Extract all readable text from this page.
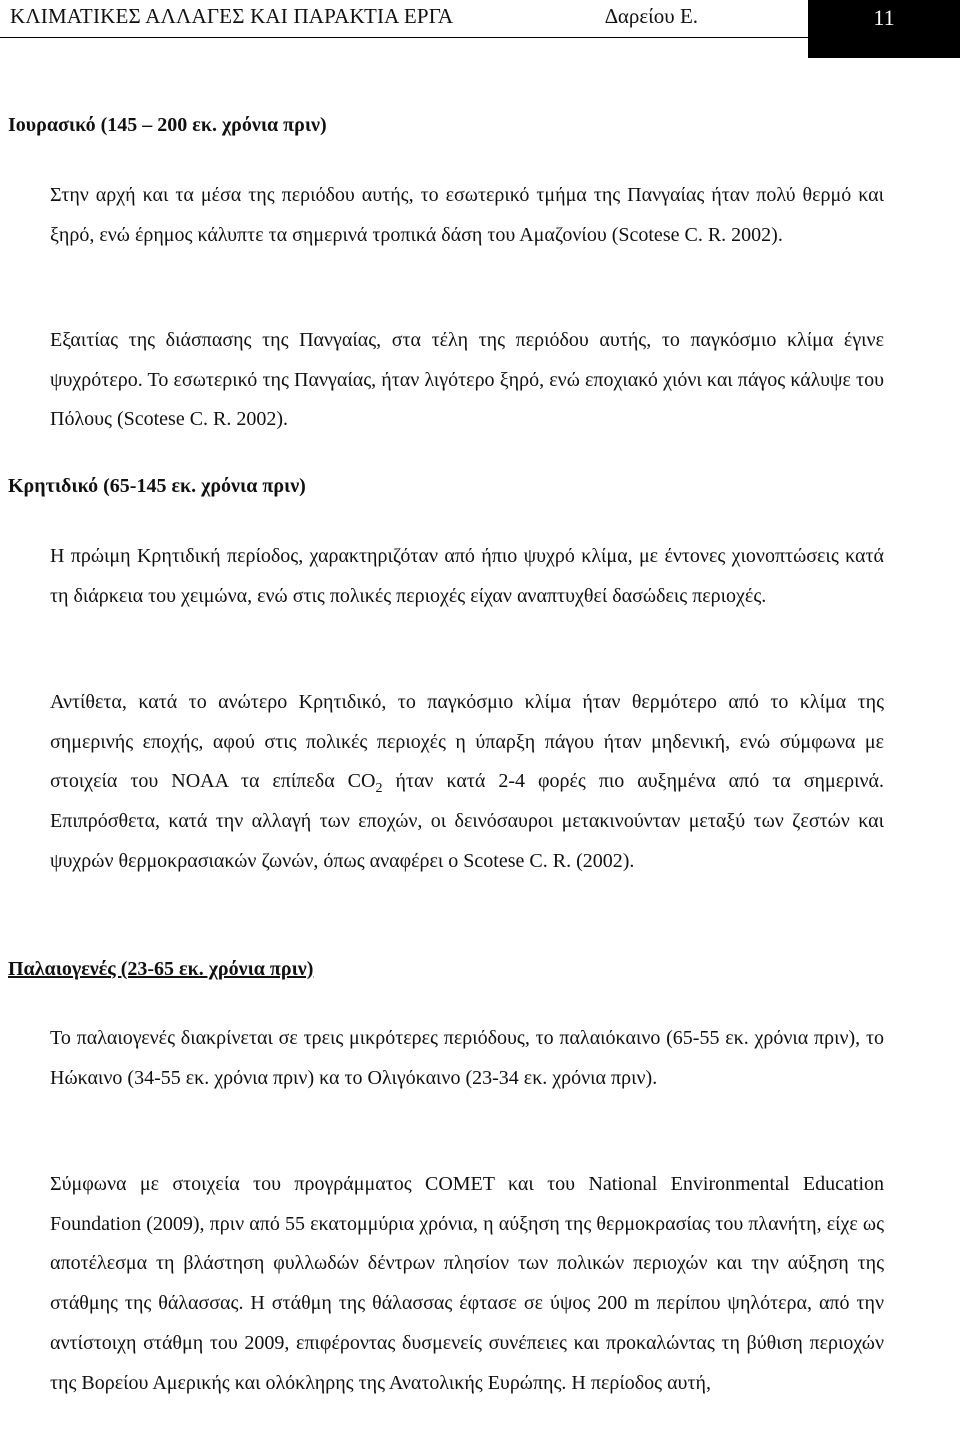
ΚΛΙΜΑΤΙΚΕΣ ΑΛΛΑΓΕΣ ΚΑΙ ΠΑΡΑΚΤΙΑ ΕΡΓΑ	∆αρείου Ε.	11
Ιουρασικό (145 – 200 εκ. χρόνια πριν)
Στην αρχή και τα μέσα της περιόδου αυτής, το εσωτερικό τμήμα της Πανγαίας ήταν πολύ θερμό και ξηρό, ενώ έρημος κάλυπτε τα σημερινά τροπικά δάση του Αμαζονίου (Scotese C. R. 2002).
Εξαιτίας της διάσπασης της Πανγαίας, στα τέλη της περιόδου αυτής, το παγκόσμιο κλίμα έγινε ψυχρότερο. Το εσωτερικό της Πανγαίας, ήταν λιγότερο ξηρό, ενώ εποχιακό χιόνι και πάγος κάλυψε του Πόλους (Scotese C. R. 2002).
Κρητιδικό (65-145 εκ. χρόνια πριν)
Η πρώιμη Κρητιδική περίοδος, χαρακτηριζόταν από ήπιο ψυχρό κλίμα, με έντονες χιονοπτώσεις κατά τη διάρκεια του χειμώνα, ενώ στις πολικές περιοχές είχαν αναπτυχθεί δασώδεις περιοχές.
Αντίθετα, κατά το ανώτερο Κρητιδικό, το παγκόσμιο κλίμα ήταν θερμότερο από το κλίμα της σημερινής εποχής, αφού στις πολικές περιοχές η ύπαρξη πάγου ήταν μηδενική, ενώ σύμφωνα με στοιχεία του NOAA τα επίπεδα $CO_2$ ήταν κατά 2-4 φορές πιο αυξημένα από τα σημερινά. Επιπρόσθετα, κατά την αλλαγή των εποχών, οι δεινόσαυροι μετακινούνταν μεταξύ των ζεστών και ψυχρών θερμοκρασιακών ζωνών, όπως αναφέρει ο Scotese C. R. (2002).
Παλαιογενές (23-65 εκ. χρόνια πριν)
Το παλαιογενές διακρίνεται σε τρεις μικρότερες περιόδους, το παλαιόκαινο (65-55 εκ. χρόνια πριν), το Ηώκαινο (34-55 εκ. χρόνια πριν) κα το Ολιγόκαινο (23-34 εκ. χρόνια πριν).
Σύμφωνα με στοιχεία του προγράμματος COMET και του National Environmental Education Foundation (2009), πριν από 55 εκατομμύρια χρόνια, η αύξηση της θερμοκρασίας του πλανήτη, είχε ως αποτέλεσμα τη βλάστηση φυλλωδών δέντρων πλησίον των πολικών περιοχών και την αύξηση της στάθμης της θάλασσας. Η στάθμη της θάλασσας έφτασε σε ύψος 200 m περίπου ψηλότερα, από την αντίστοιχη στάθμη του 2009, επιφέροντας δυσμενείς συνέπειες και προκαλώντας τη βύθιση περιοχών της Βορείου Αμερικής και ολόκληρης της Ανατολικής Ευρώπης. Η περίοδος αυτή,
